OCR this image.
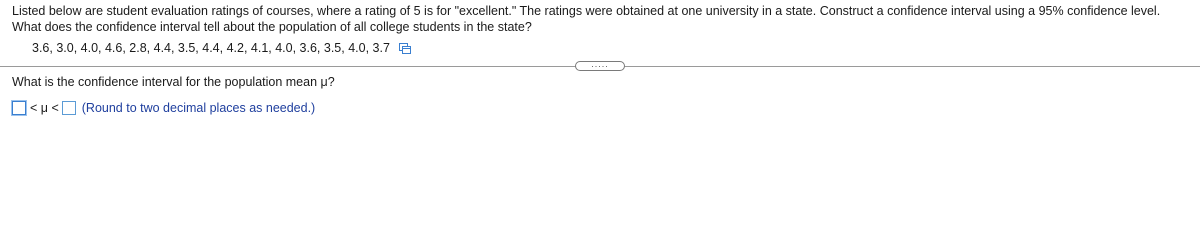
Listed below are student evaluation ratings of courses, where a rating of 5 is for "excellent." The ratings were obtained at one university in a state. Construct a confidence interval using a 95% confidence level. What does the confidence interval tell about the population of all college students in the state?

3.6, 3.0, 4.0, 4.6, 2.8, 4.4, 3.5, 4.4, 4.2, 4.1, 4.0, 3.6, 3.5, 4.0, 3.7
.....
What is the confidence interval for the population mean μ?
< μ < (Round to two decimal places as needed.)
